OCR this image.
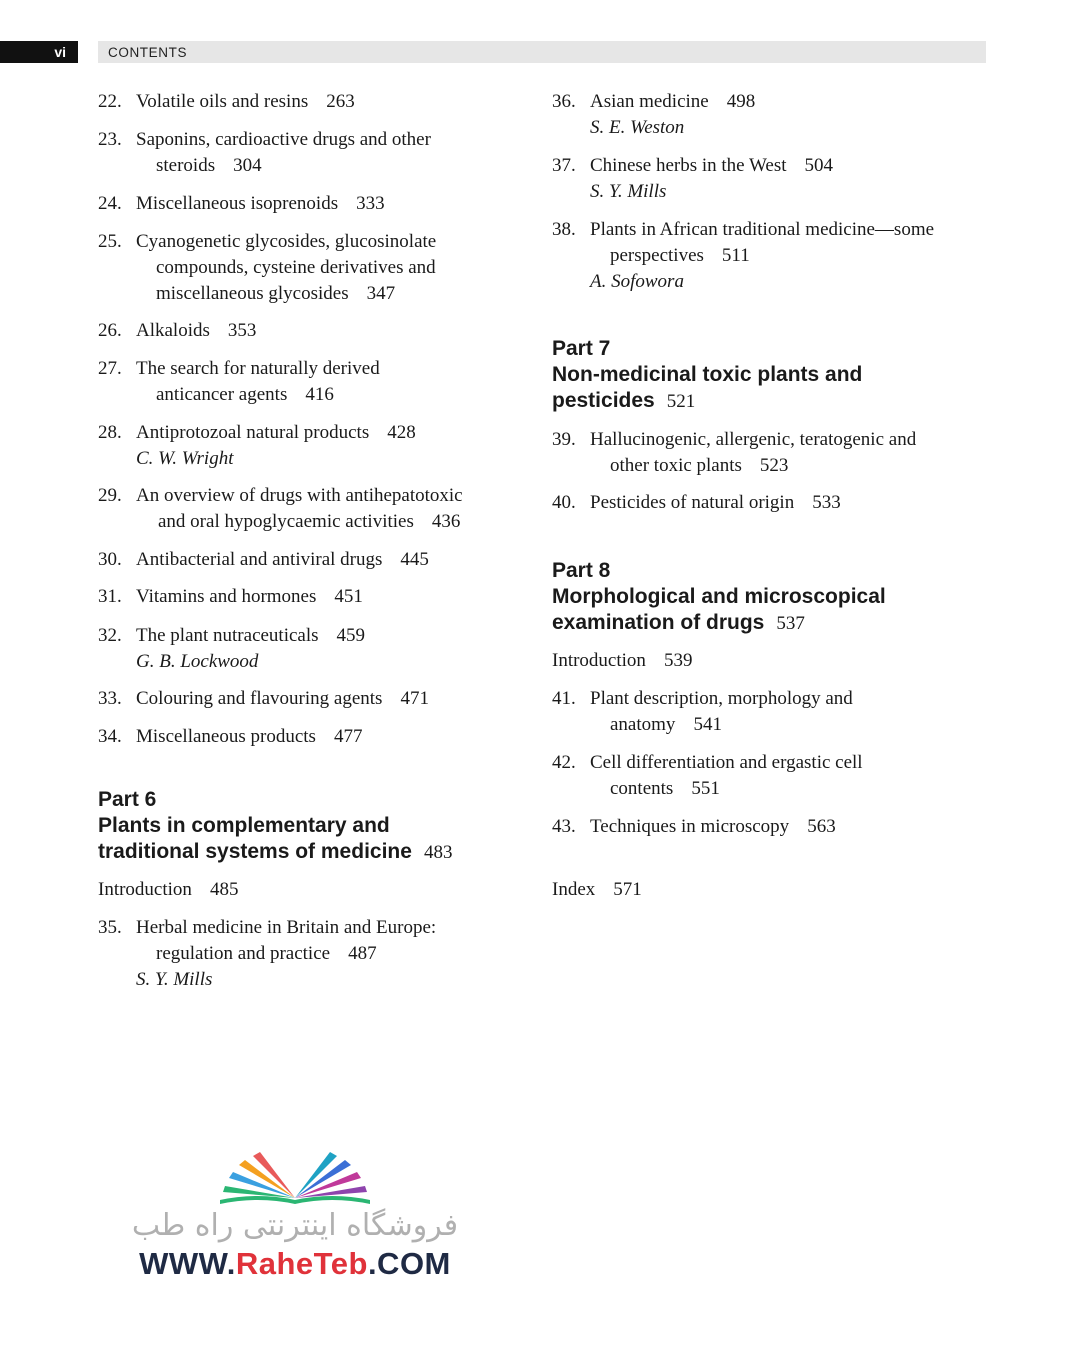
vi	CONTENTS
22. Volatile oils and resins 263
23. Saponins, cardioactive drugs and other
steroids 304
24. Miscellaneous isoprenoids 333
25. Cyanogenetic glycosides, glucosinolate
compounds, cysteine derivatives and
miscellaneous glycosides 347
26. Alkaloids 353
27. The search for naturally derived
anticancer agents 416
28. Antiprotozoal natural products 428
C. W. Wright
29. An overview of drugs with antihepatotoxic
and oral hypoglycaemic activities 436
30. Antibacterial and antiviral drugs 445
31. Vitamins and hormones 451
32. The plant nutraceuticals 459
G. B. Lockwood
33. Colouring and flavouring agents 471
34. Miscellaneous products 477
Part 6
Plants in complementary and
traditional systems of medicine 483
Introduction 485
35. Herbal medicine in Britain and Europe:
regulation and practice 487
S. Y. Mills
36. Asian medicine 498
S. E. Weston
37. Chinese herbs in the West 504
S. Y. Mills
38. Plants in African traditional medicine—some
perspectives 511
A. Sofowora
Part 7
Non-medicinal toxic plants and
pesticides 521
39. Hallucinogenic, allergenic, teratogenic and
other toxic plants 523
40. Pesticides of natural origin 533
Part 8
Morphological and microscopical
examination of drugs 537
Introduction 539
41. Plant description, morphology and
anatomy 541
42. Cell differentiation and ergastic cell
contents 551
43. Techniques in microscopy 563
Index 571
فروشگاه اینترنتی راه طب
WWW.RaheTeb.COM
